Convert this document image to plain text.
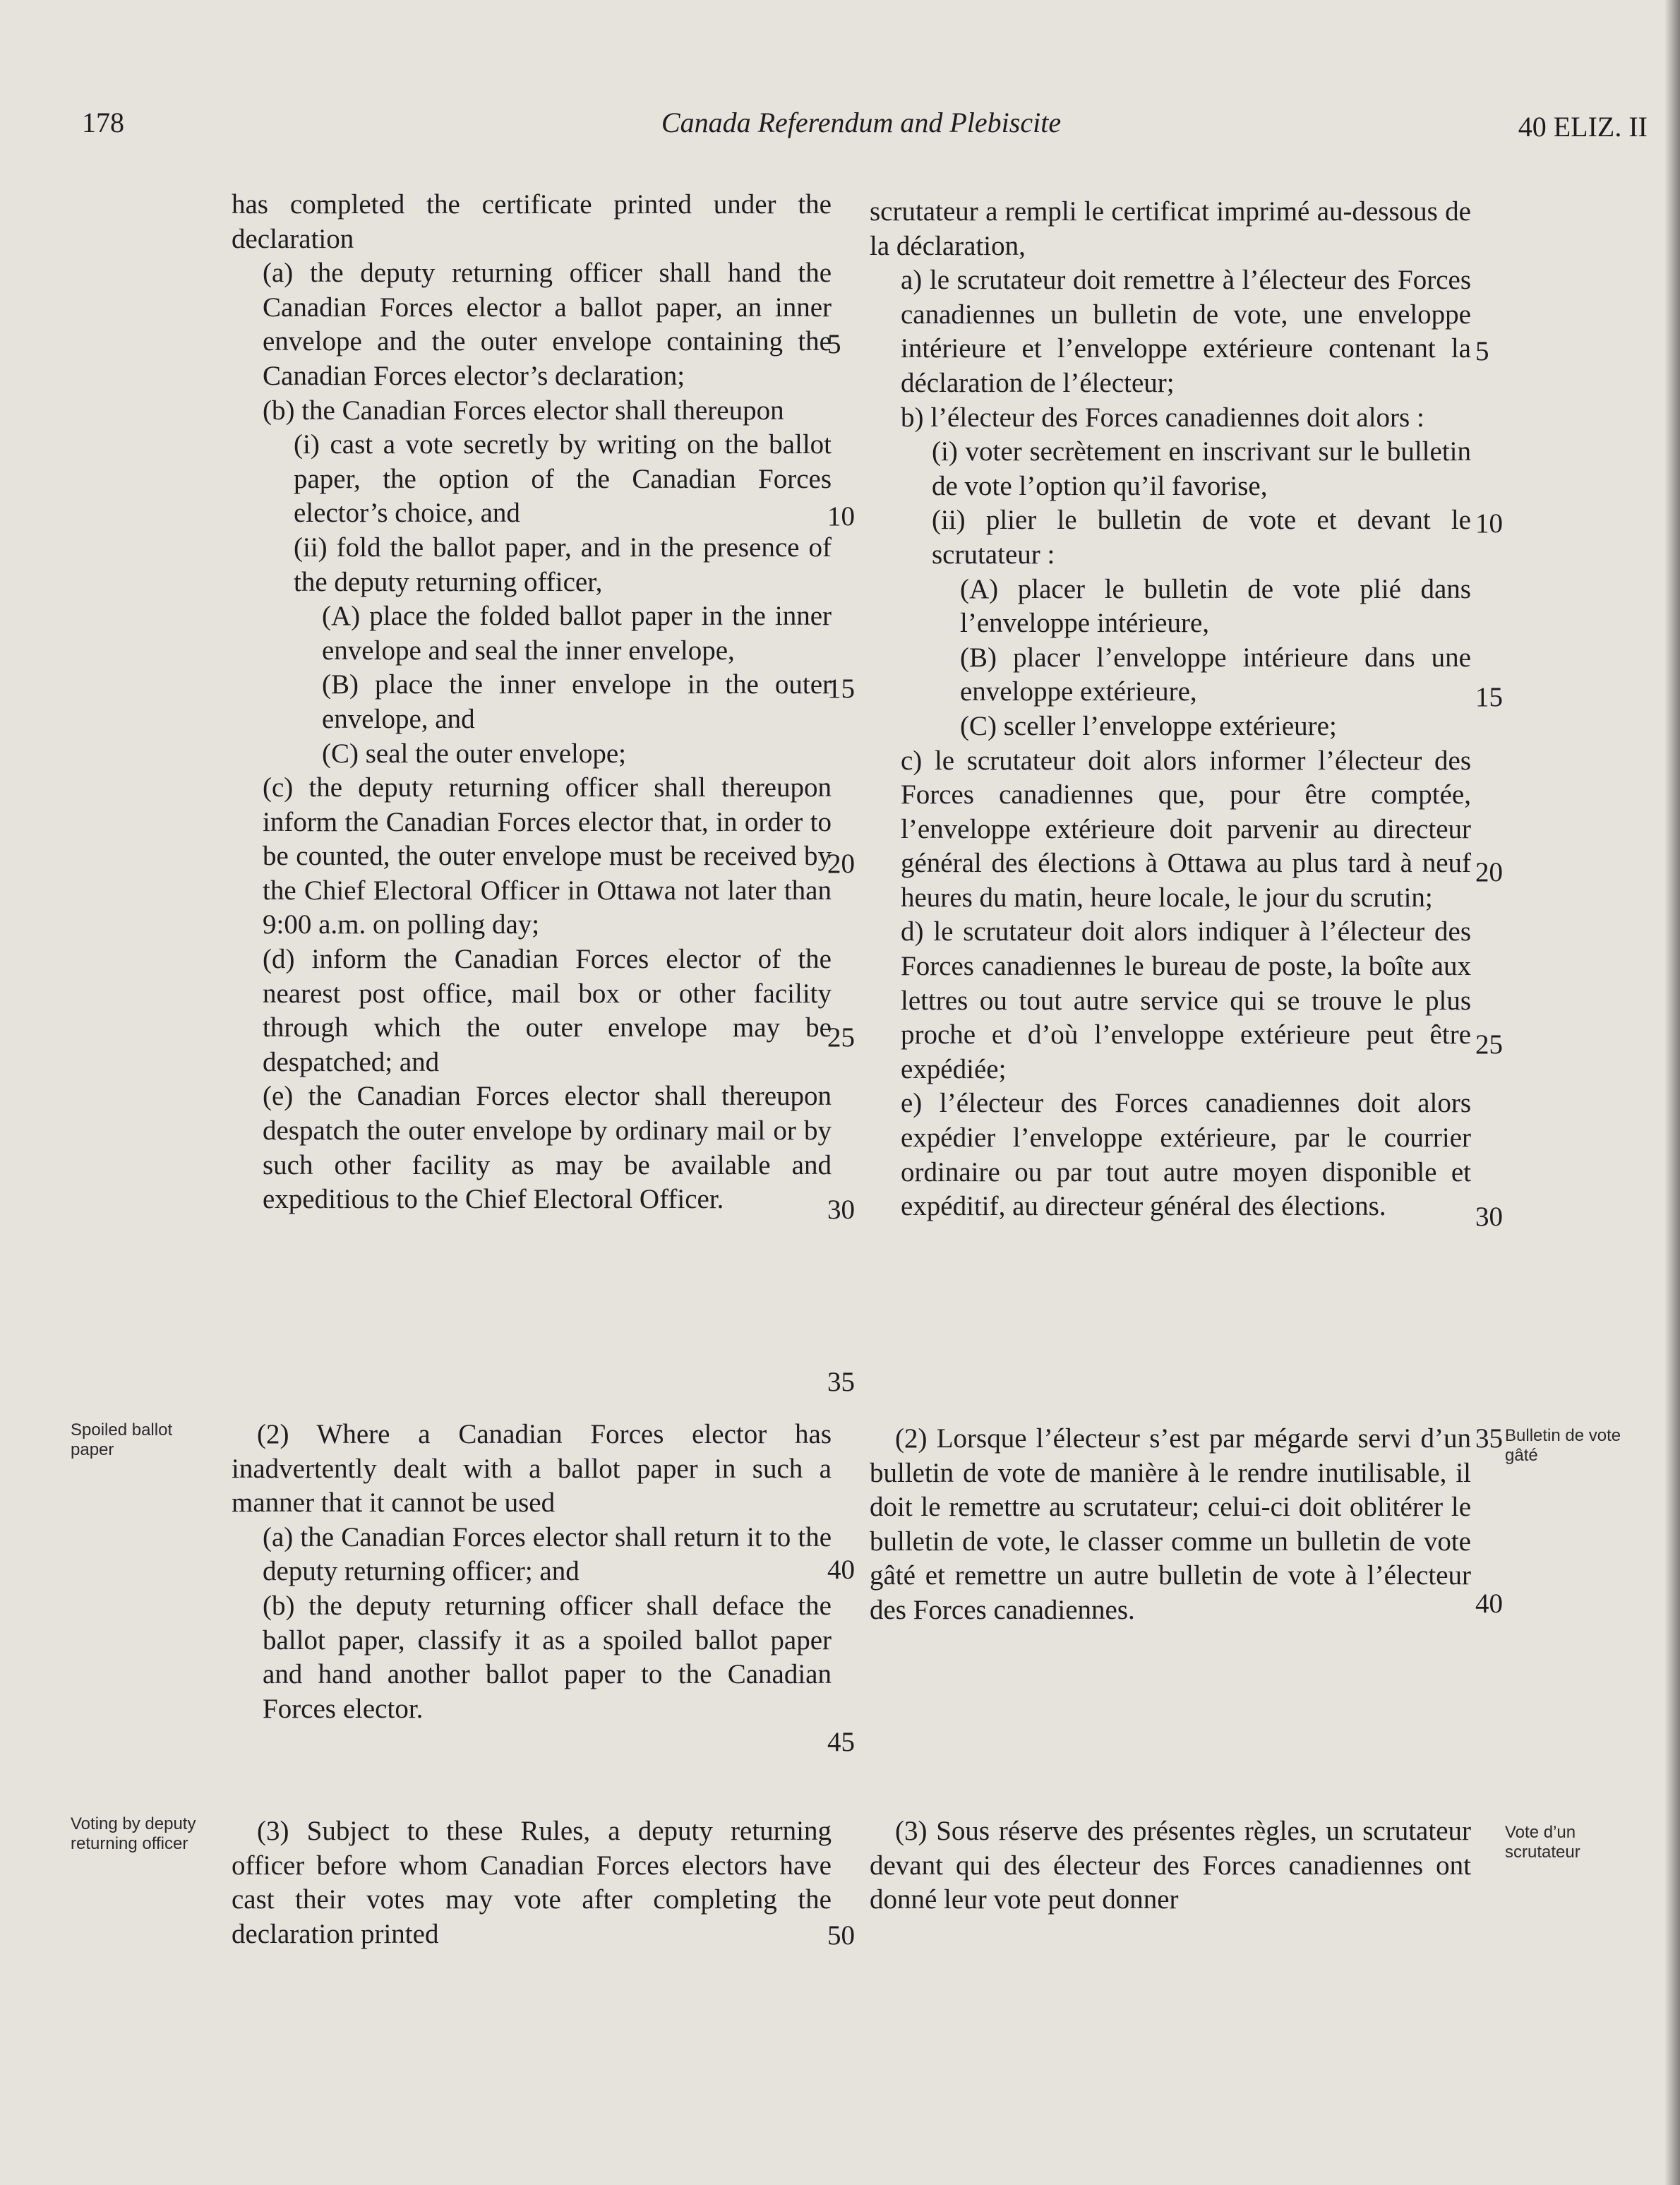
178	Canada Referendum and Plebiscite	40 ELIZ. II

has completed the certificate printed under the declaration

(a) the deputy returning officer shall hand the Canadian Forces elector a ballot paper, an inner envelope and the outer envelope containing the Canadian Forces elector’s declaration;

(b) the Canadian Forces elector shall thereupon

(i) cast a vote secretly by writing on the ballot paper, the option of the Canadian Forces elector’s choice, and

(ii) fold the ballot paper, and in the presence of the deputy returning officer,

(A) place the folded ballot paper in the inner envelope and seal the inner envelope,

(B) place the inner envelope in the outer envelope, and

(C) seal the outer envelope;

(c) the deputy returning officer shall thereupon inform the Canadian Forces elector that, in order to be counted, the outer envelope must be received by the Chief Electoral Officer in Ottawa not later than 9:00 a.m. on polling day;

(d) inform the Canadian Forces elector of the nearest post office, mail box or other facility through which the outer envelope may be despatched; and

(e) the Canadian Forces elector shall thereupon despatch the outer envelope by ordinary mail or by such other facility as may be available and expeditious to the Chief Electoral Officer.

(2) Where a Canadian Forces elector has inadvertently dealt with a ballot paper in such a manner that it cannot be used

(a) the Canadian Forces elector shall return it to the deputy returning officer; and

(b) the deputy returning officer shall deface the ballot paper, classify it as a spoiled ballot paper and hand another ballot paper to the Canadian Forces elector.

(3) Subject to these Rules, a deputy returning officer before whom Canadian Forces electors have cast their votes may vote after completing the declaration printed

scrutateur a rempli le certificat imprimé au-dessous de la déclaration,

a) le scrutateur doit remettre à l’électeur des Forces canadiennes un bulletin de vote, une enveloppe intérieure et l’enveloppe extérieure contenant la déclaration de l’électeur;

b) l’électeur des Forces canadiennes doit alors :

(i) voter secrètement en inscrivant sur le bulletin de vote l’option qu’il favorise,

(ii) plier le bulletin de vote et devant le scrutateur :

(A) placer le bulletin de vote plié dans l’enveloppe intérieure,

(B) placer l’enveloppe intérieure dans une enveloppe extérieure,

(C) sceller l’enveloppe extérieure;

c) le scrutateur doit alors informer l’électeur des Forces canadiennes que, pour être comptée, l’enveloppe extérieure doit parvenir au directeur général des élections à Ottawa au plus tard à neuf heures du matin, heure locale, le jour du scrutin;

d) le scrutateur doit alors indiquer à l’électeur des Forces canadiennes le bureau de poste, la boîte aux lettres ou tout autre service qui se trouve le plus proche et d’où l’enveloppe extérieure peut être expédiée;

e) l’électeur des Forces canadiennes doit alors expédier l’enveloppe extérieure, par le courrier ordinaire ou par tout autre moyen disponible et expéditif, au directeur général des élections.

(2) Lorsque l’électeur s’est par mégarde servi d’un bulletin de vote de manière à le rendre inutilisable, il doit le remettre au scrutateur; celui-ci doit oblitérer le bulletin de vote, le classer comme un bulletin de vote gâté et remettre un autre bulletin de vote à l’électeur des Forces canadiennes.

(3) Sous réserve des présentes règles, un scrutateur devant qui des électeur des Forces canadiennes ont donné leur vote peut donner

5
10
15
20
25
30
35
40
45
50
5
10
15
20
25
30
35
40
Spoiled ballot paper
Voting by deputy returning officer
Bulletin de vote gâté
Vote d’un scrutateur
